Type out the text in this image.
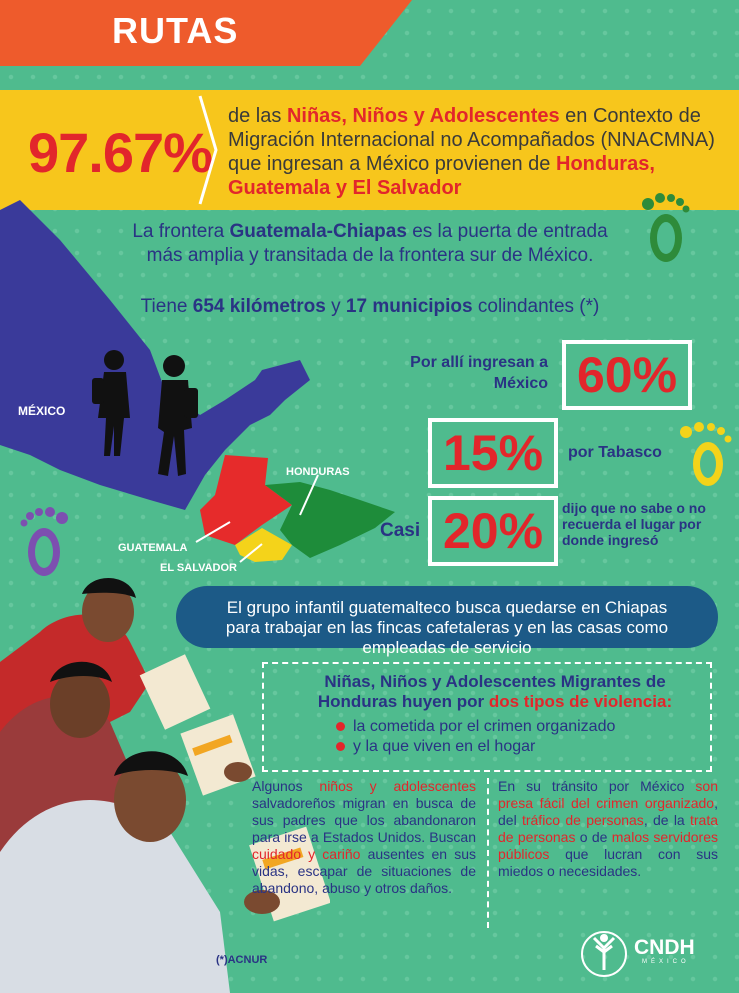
RUTAS
97.67%
de las Niñas, Niños y Adolescentes en Contexto de Migración Internacional no Acompañados (NNACMNA) que ingresan a México provienen de Honduras, Guatemala y El Salvador
MÉXICO
HONDURAS
GUATEMALA
EL SALVADOR
La frontera Guatemala-Chiapas es la puerta de entrada más amplia y transitada de la frontera sur de México.
Tiene 654 kilómetros y 17 municipios colindantes (*)
Por allí ingresan a México 60%
15%	por Tabasco
Casi 20%	dijo que no sabe o no recuerda el lugar por donde ingresó
El grupo infantil guatemalteco busca quedarse en Chiapas para trabajar en las fincas cafetaleras y en las casas como empleadas de servicio
Niñas, Niños y Adolescentes Migrantes de Honduras huyen por dos tipos de violencia:
la cometida por el crimen organizado
y la que viven en el hogar
Algunos niños y adolescentes salvadoreños migran en busca de sus padres que los abandonaron para irse a Estados Unidos. Buscan cuidado y cariño ausentes en sus vidas, escapar de situaciones de abandono, abuso y otros daños.
En su tránsito por México son presa fácil del crimen organizado, del tráfico de personas, de la trata de personas o de malos servidores públicos que lucran con sus miedos o necesidades.
(*)ACNUR
CNDH
MÉXICO
